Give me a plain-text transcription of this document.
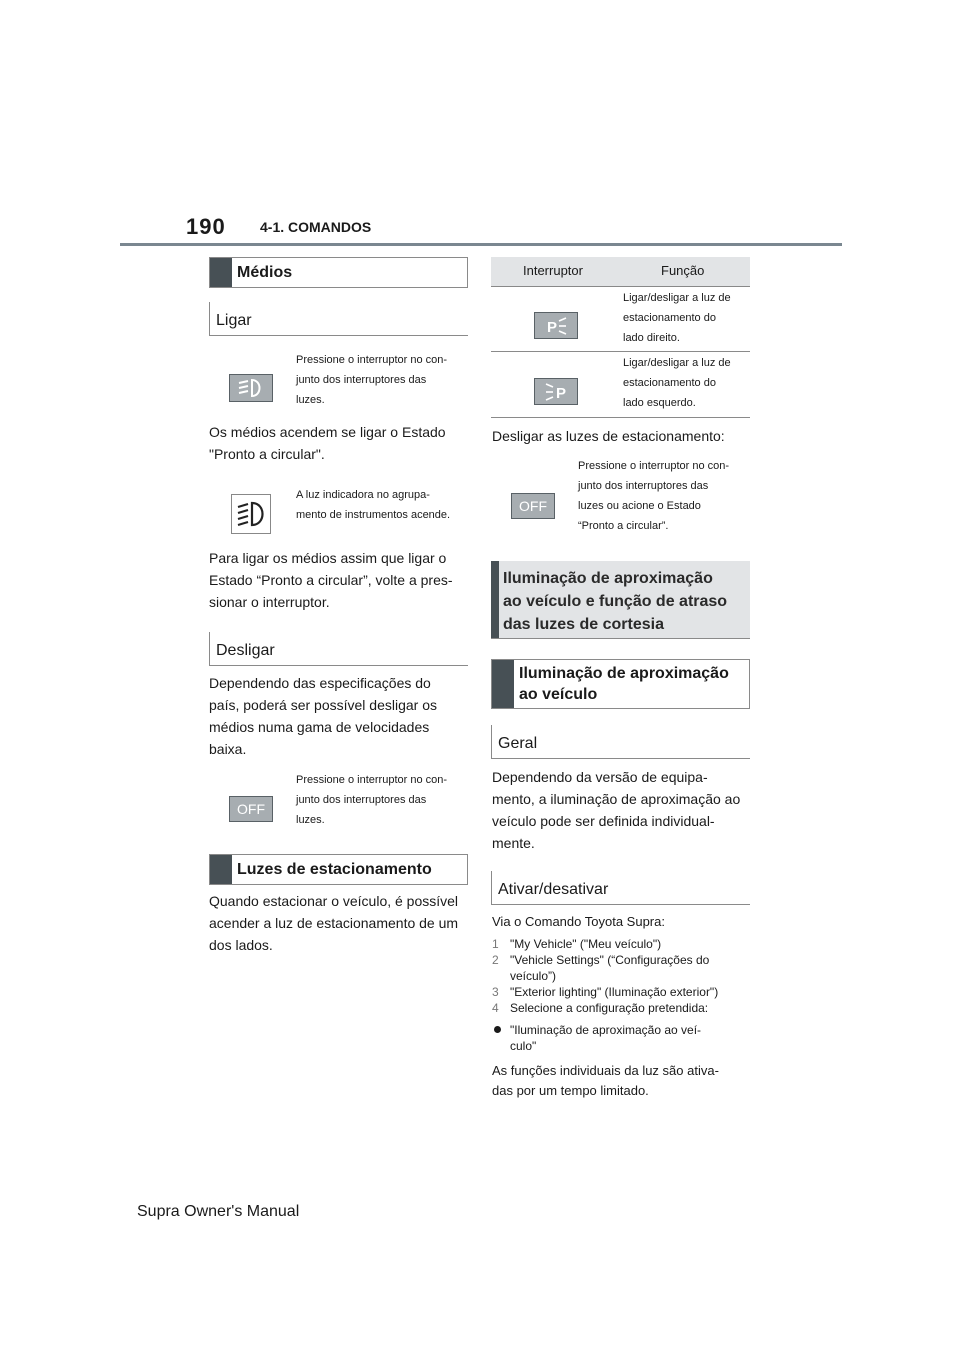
190 4-1. COMANDOS
Médios
Ligar
Pressione o interruptor no con-
junto dos interruptores das
luzes.
Os médios acendem se ligar o Estado
"Pronto a circular".
A luz indicadora no agrupa-
mento de instrumentos acende.
Para ligar os médios assim que ligar o
Estado “Pronto a circular”, volte a pres-
sionar o interruptor.
Desligar
Dependendo das especificações do
país, poderá ser possível desligar os
médios numa gama de velocidades
baixa.
OFF
Pressione o interruptor no con-
junto dos interruptores das
luzes.
Luzes de estacionamento
Quando estacionar o veículo, é possível
acender a luz de estacionamento de um
dos lados.
Interruptor	Função
P
Ligar/desligar a luz de
estacionamento do
lado direito.
P
Ligar/desligar a luz de
estacionamento do
lado esquerdo.
Desligar as luzes de estacionamento:
OFF
Pressione o interruptor no con-
junto dos interruptores das
luzes ou acione o Estado
“Pronto a circular”.
Iluminação de aproximação
ao veículo e função de atraso
das luzes de cortesia
Iluminação de aproximação
ao veículo
Geral
Dependendo da versão de equipa-
mento, a iluminação de aproximação ao
veículo pode ser definida individual-
mente.
Ativar/desativar
Via o Comando Toyota Supra:
1 "My Vehicle" ("Meu veículo")
2 "Vehicle Settings" (“Configurações do
veículo”)
3 "Exterior lighting" (Iluminação exterior")
4 Selecione a configuração pretendida:
"Iluminação de aproximação ao veí-
culo"
As funções individuais da luz são ativa-
das por um tempo limitado.
Supra Owner's Manual
